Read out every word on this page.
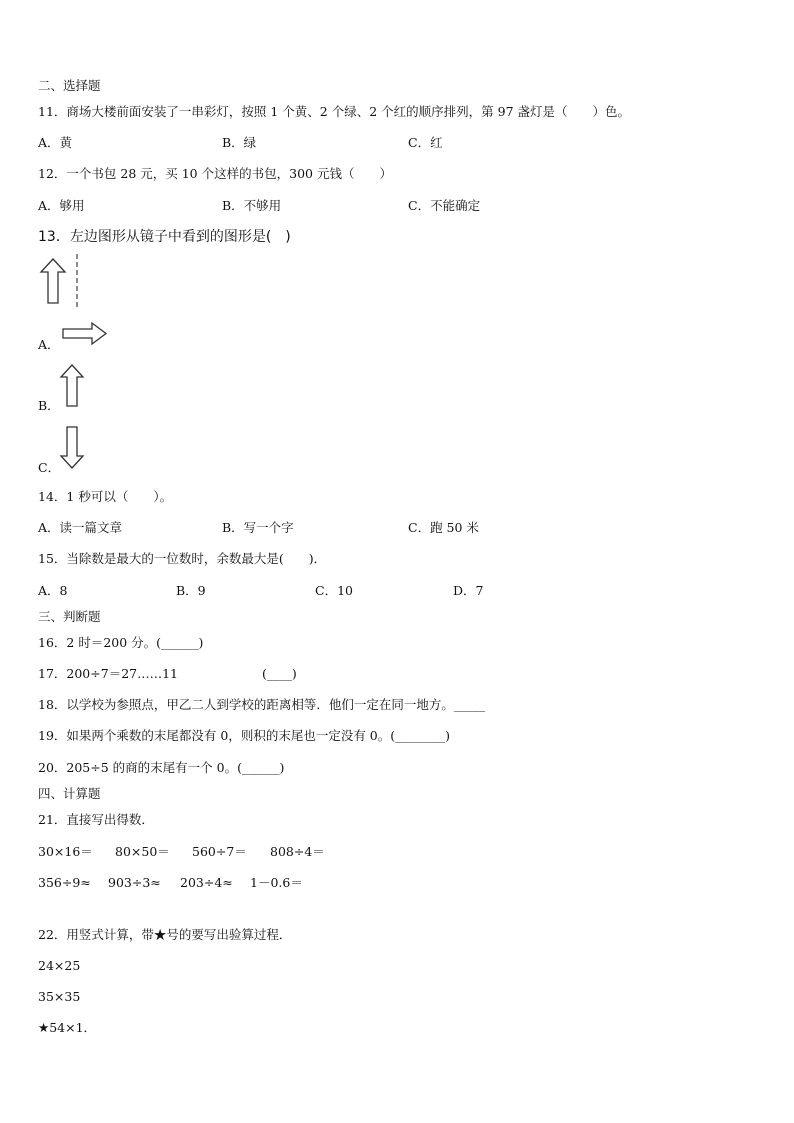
二、选择题
11．商场大楼前面安装了一串彩灯，按照 1 个黄、2 个绿、2 个红的顺序排列，第 97 盏灯是（　　）色。
A．黄	B．绿	C．红
12．一个书包 28 元，买 10 个这样的书包，300 元钱（　　）
A．够用	B．不够用	C．不能确定
13．左边图形从镜子中看到的图形是(　)
A．
B．
C．
14．1 秒可以（　　）。
A．读一篇文章	B．写一个字	C．跑 50 米
15．当除数是最大的一位数时，余数最大是(　　)．
A．8	B．9	C．10	D．7
三、判断题
16．2 时＝200 分。(______)
17．200÷7＝27……11	(____)
18．以学校为参照点，甲乙二人到学校的距离相等．他们一定在同一地方。_____
19．如果两个乘数的末尾都没有 0，则积的末尾也一定没有 0。(________)
20．205÷5 的商的末尾有一个 0。(______)
四、计算题
21．直接写出得数．
30×16＝ 80×50＝ 560÷7＝ 808÷4＝
356÷9≈ 903÷3≈ 203÷4≈ 1－0.6＝
22．用竖式计算，带★号的要写出验算过程．
24×25
35×35
★54×1．
